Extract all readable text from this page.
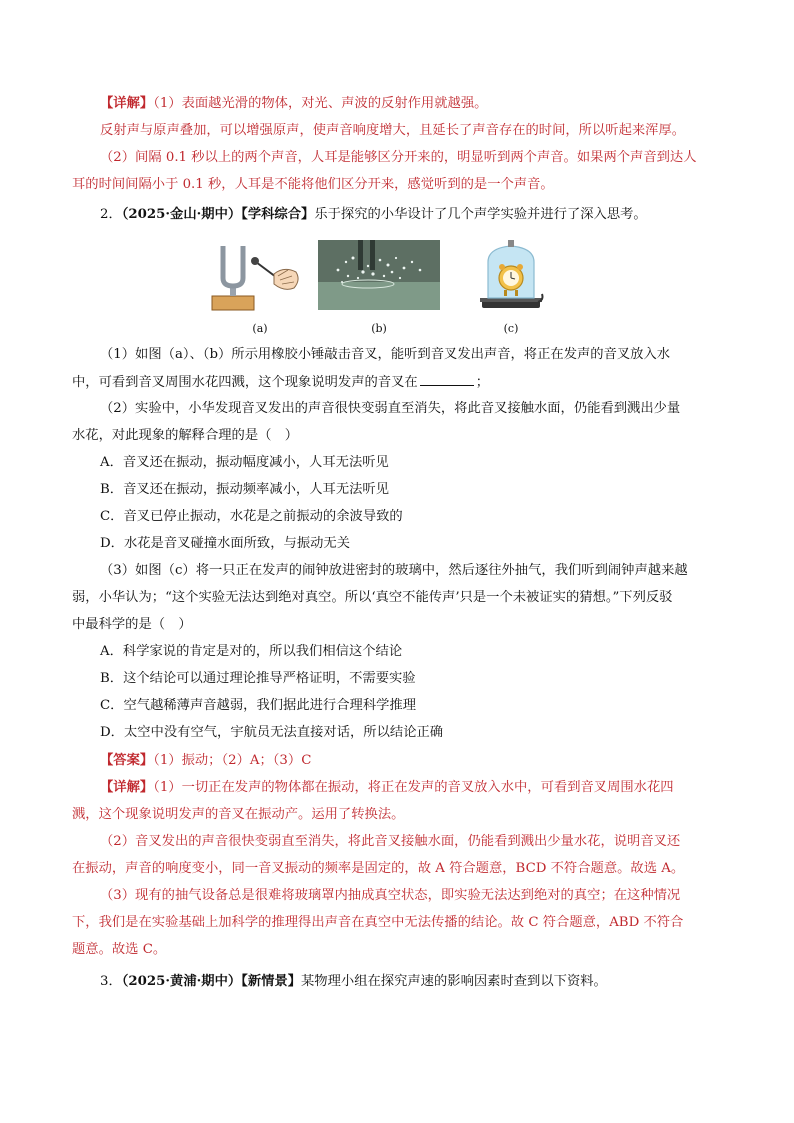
【详解】（1）表面越光滑的物体，对光、声波的反射作用就越强。
反射声与原声叠加，可以增强原声，使声音响度增大，且延长了声音存在的时间，所以听起来浑厚。
（2）间隔 0.1 秒以上的两个声音，人耳是能够区分开来的，明显听到两个声音。如果两个声音到达人
耳的时间间隔小于 0.1 秒，人耳是不能将他们区分开来，感觉听到的是一个声音。
2．（2025·金山·期中）【学科综合】乐于探究的小华设计了几个声学实验并进行了深入思考。
(a)	(b)	(c)
（1）如图（a）、（b）所示用橡胶小锤敲击音叉，能听到音叉发出声音，将正在发声的音叉放入水
中，可看到音叉周围水花四溅，这个现象说明发声的音叉在	；
（2）实验中，小华发现音叉发出的声音很快变弱直至消失，将此音叉接触水面，仍能看到溅出少量
水花，对此现象的解释合理的是（　）
A．音叉还在振动，振动幅度减小，人耳无法听见
B．音叉还在振动，振动频率减小，人耳无法听见
C．音叉已停止振动，水花是之前振动的余波导致的
D．水花是音叉碰撞水面所致，与振动无关
（3）如图（c）将一只正在发声的闹钟放进密封的玻璃中，然后逐往外抽气，我们听到闹钟声越来越
弱，小华认为；“这个实验无法达到绝对真空。所以‘真空不能传声’只是一个未被证实的猜想。”下列反驳
中最科学的是（　）
A．科学家说的肯定是对的，所以我们相信这个结论
B．这个结论可以通过理论推导严格证明，不需要实验
C．空气越稀薄声音越弱，我们据此进行合理科学推理
D．太空中没有空气，宇航员无法直接对话，所以结论正确
【答案】（1）振动；（2）A；（3）C
【详解】（1）一切正在发声的物体都在振动，将正在发声的音叉放入水中，可看到音叉周围水花四
溅，这个现象说明发声的音叉在振动产。运用了转换法。
（2）音叉发出的声音很快变弱直至消失，将此音叉接触水面，仍能看到溅出少量水花，说明音叉还
在振动，声音的响度变小，同一音叉振动的频率是固定的，故 A 符合题意，BCD 不符合题意。故选 A。
（3）现有的抽气设备总是很难将玻璃罩内抽成真空状态，即实验无法达到绝对的真空；在这种情况
下，我们是在实验基础上加科学的推理得出声音在真空中无法传播的结论。故 C 符合题意，ABD 不符合
题意。故选 C。
3．（2025·黄浦·期中）【新情景】某物理小组在探究声速的影响因素时查到以下资料。
